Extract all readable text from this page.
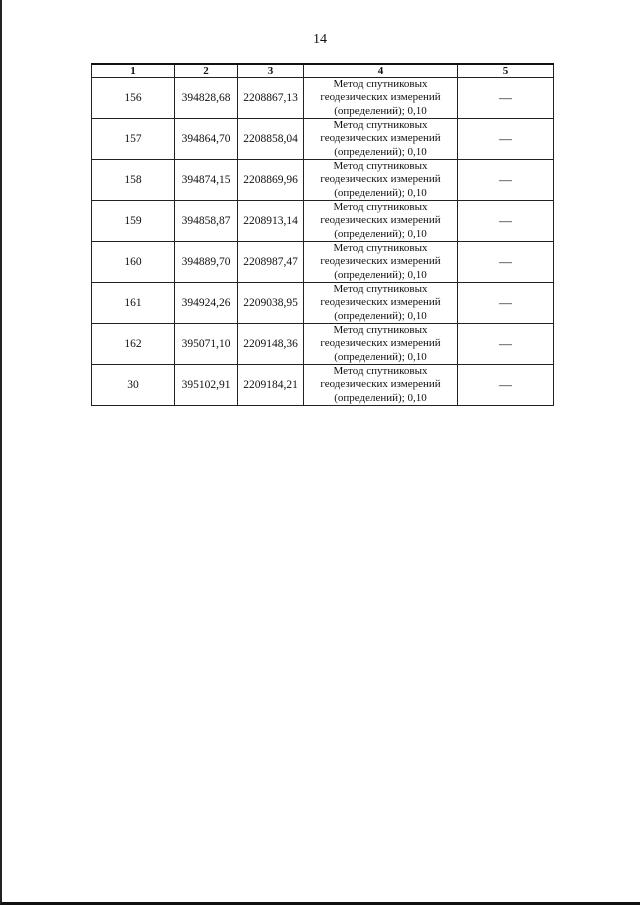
14
1	2	3	4	5
156	394828,68	2208867,13	Метод спутниковых
геодезических измерений
(определений); 0,10	—
157	394864,70	2208858,04	Метод спутниковых
геодезических измерений
(определений); 0,10	—
158	394874,15	2208869,96	Метод спутниковых
геодезических измерений
(определений); 0,10	—
159	394858,87	2208913,14	Метод спутниковых
геодезических измерений
(определений); 0,10	—
160	394889,70	2208987,47	Метод спутниковых
геодезических измерений
(определений); 0,10	—
161	394924,26	2209038,95	Метод спутниковых
геодезических измерений
(определений); 0,10	—
162	395071,10	2209148,36	Метод спутниковых
геодезических измерений
(определений); 0,10	—
30	395102,91	2209184,21	Метод спутниковых
геодезических измерений
(определений); 0,10	—
